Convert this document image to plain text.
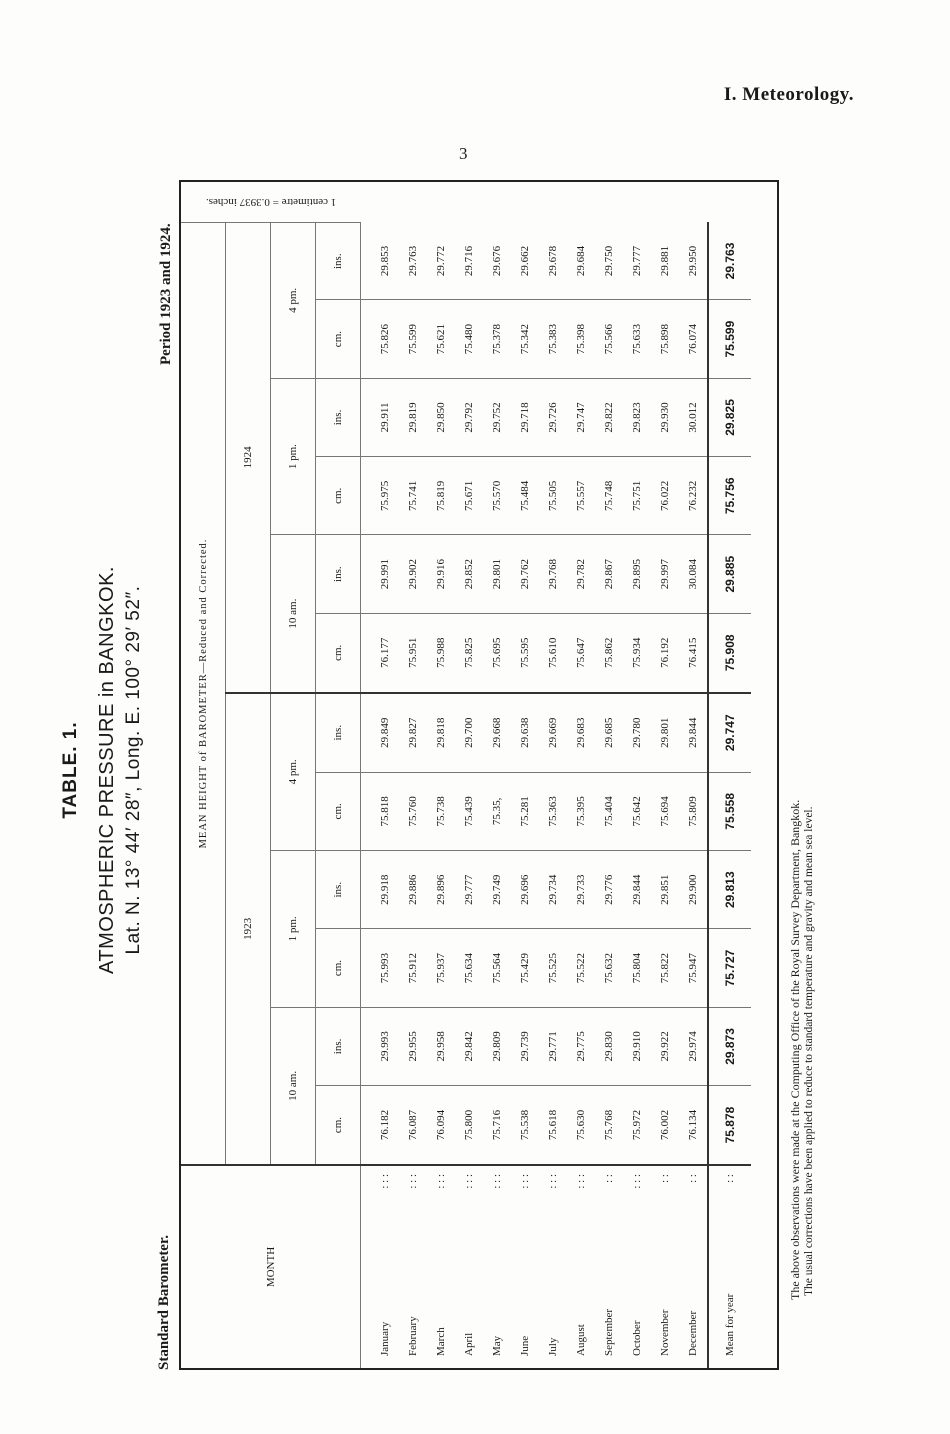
I. Meteorology.
3
TABLE. 1. ATMOSPHERIC PRESSURE in BANGKOK. Lat. N. 13° 44′ 28″, Long. E. 100° 29′ 52″.
Standard Barometer.
Period 1923 and 1924.
MONTH	MEAN HEIGHT of BAROMETER—Reduced and Corrected.												1 centimetre = 0.3937 inches.

	1923						1924						
	10 am.		1 pm.		4 pm.		10 am.		1 pm.		4 pm.		
	cm.	ins.	cm.	ins.	cm.	ins.	cm.	ins.	cm.	ins.	cm.	ins.	
January
: : :	76.182	29.993	75.993	29.918	75.818	29.849	76.177	29.991	75.975	29.911	75.826	29.853	
February
: : :	76.087	29.955	75.912	29.886	75.760	29.827	75.951	29.902	75.741	29.819	75.599	29.763	
March
: : :	76.094	29.958	75.937	29.896	75.738	29.818	75.988	29.916	75.819	29.850	75.621	29.772	
April
: : :	75.800	29.842	75.634	29.777	75.439	29.700	75.825	29.852	75.671	29.792	75.480	29.716	
May
: : :	75.716	29.809	75.564	29.749	75.35,	29.668	75.695	29.801	75.570	29.752	75.378	29.676	
June
: : :	75.538	29.739	75.429	29.696	75.281	29.638	75.595	29.762	75.484	29.718	75.342	29.662	
July
: : :	75.618	29.771	75.525	29.734	75.363	29.669	75.610	29.768	75.505	29.726	75.383	29.678	
August
: : :	75.630	29.775	75.522	29.733	75.395	29.683	75.647	29.782	75.557	29.747	75.398	29.684	
September
: :	75.768	29.830	75.632	29.776	75.404	29.685	75.862	29.867	75.748	29.822	75.566	29.750	
October
: : :	75.972	29.910	75.804	29.844	75.642	29.780	75.934	29.895	75.751	29.823	75.633	29.777	
November
: :	76.002	29.922	75.822	29.851	75.694	29.801	76.192	29.997	76.022	29.930	75.898	29.881	
December
: :	76.134	29.974	75.947	29.900	75.809	29.844	76.415	30.084	76.232	30.012	76.074	29.950	
Mean for year
: :	75.878	29.873	75.727	29.813	75.558	29.747	75.908	29.885	75.756	29.825	75.599	29.763	
The above observations were made at the Computing Office of the Royal Survey Department, Bangkok. The usual corrections have been applied to reduce to standard temperature and gravity and mean sea level.
